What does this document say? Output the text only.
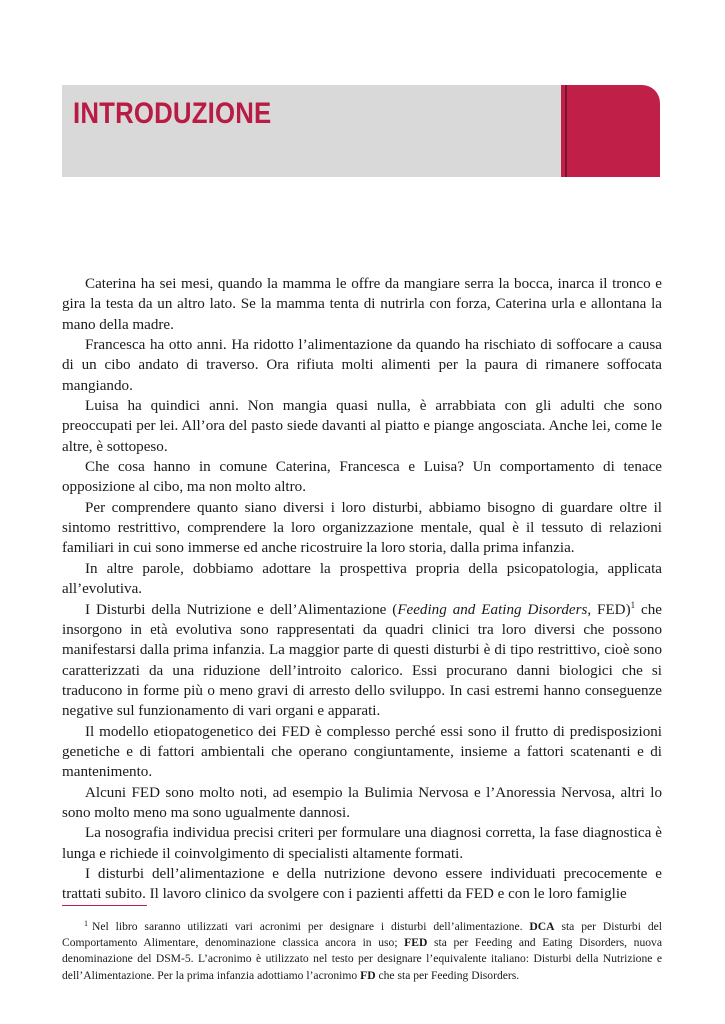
INTRODUZIONE

Caterina ha sei mesi, quando la mamma le offre da mangiare serra la bocca, inarca il tronco e gira la testa da un altro lato. Se la mamma tenta di nutrirla con forza, Caterina urla e allontana la mano della madre.

Francesca ha otto anni. Ha ridotto l’alimentazione da quando ha rischiato di soffocare a causa di un cibo andato di traverso. Ora rifiuta molti alimenti per la paura di rimanere soffocata mangiando.

Luisa ha quindici anni. Non mangia quasi nulla, è arrabbiata con gli adulti che sono preoccupati per lei. All’ora del pasto siede davanti al piatto e piange angosciata. Anche lei, come le altre, è sottopeso.

Che cosa hanno in comune Caterina, Francesca e Luisa? Un comportamento di tenace opposizione al cibo, ma non molto altro.

Per comprendere quanto siano diversi i loro disturbi, abbiamo bisogno di guardare oltre il sintomo restrittivo, comprendere la loro organizzazione mentale, qual è il tessuto di relazioni familiari in cui sono immerse ed anche ricostruire la loro storia, dalla prima infanzia.

In altre parole, dobbiamo adottare la prospettiva propria della psicopatologia, applicata all’evolutiva.

I Disturbi della Nutrizione e dell’Alimentazione (Feeding and Eating Disorders, FED)$^1$ che insorgono in età evolutiva sono rappresentati da quadri clinici tra loro diversi che possono manifestarsi dalla prima infanzia. La maggior parte di questi disturbi è di tipo restrittivo, cioè sono caratterizzati da una riduzione dell’introito calorico. Essi procurano danni biologici che si traducono in forme più o meno gravi di arresto dello sviluppo. In casi estremi hanno conseguenze negative sul funzionamento di vari organi e apparati.

Il modello etiopatogenetico dei FED è complesso perché essi sono il frutto di predisposizioni genetiche e di fattori ambientali che operano congiuntamente, insieme a fattori scatenanti e di mantenimento.

Alcuni FED sono molto noti, ad esempio la Bulimia Nervosa e l’Anoressia Nervosa, altri lo sono molto meno ma sono ugualmente dannosi.

La nosografia individua precisi criteri per formulare una diagnosi corretta, la fase diagnostica è lunga e richiede il coinvolgimento di specialisti altamente formati.

I disturbi dell’alimentazione e della nutrizione devono essere individuati precocemente e trattati subito. Il lavoro clinico da svolgere con i pazienti affetti da FED e con le loro famiglie

$^1$ Nel libro saranno utilizzati vari acronimi per designare i disturbi dell’alimentazione. DCA sta per Disturbi del Comportamento Alimentare, denominazione classica ancora in uso; FED sta per Feeding and Eating Disorders, nuova denominazione del DSM-5. L’acronimo è utilizzato nel testo per designare l’equivalente italiano: Disturbi della Nutrizione e dell’Alimentazione. Per la prima infanzia adottiamo l’acronimo FD che sta per Feeding Disorders.
